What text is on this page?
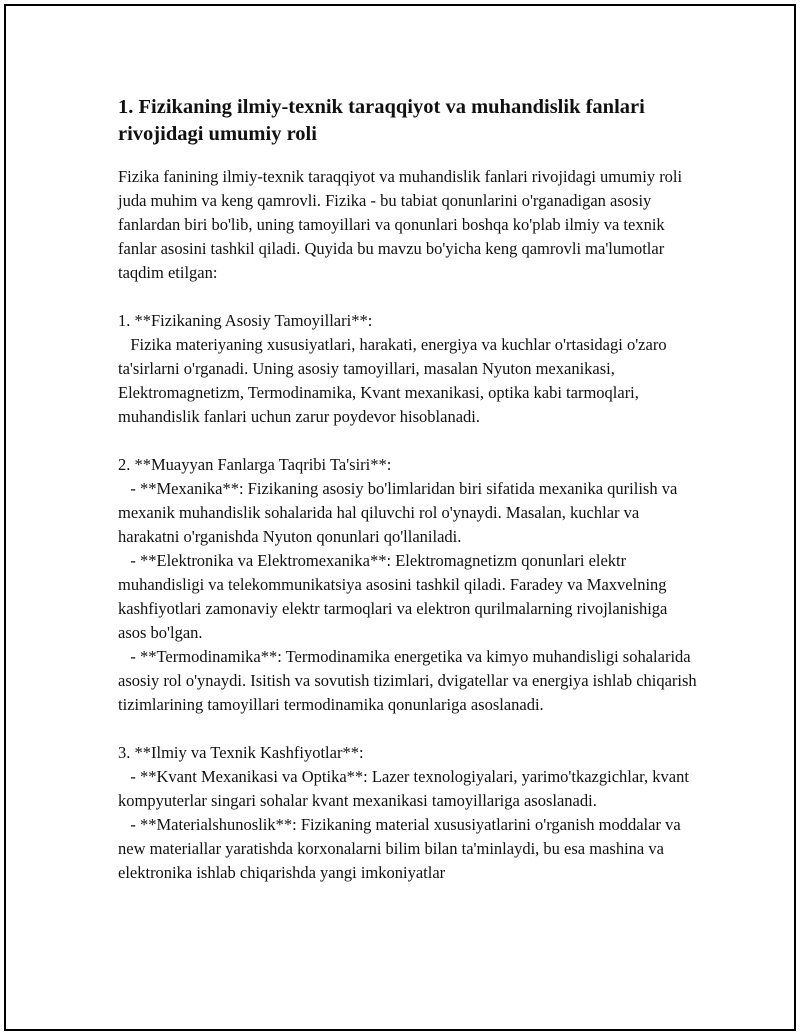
1. Fizikaning ilmiy-texnik taraqqiyot va muhandislik fanlari rivojidagi umumiy roli

Fizika fanining ilmiy-texnik taraqqiyot va muhandislik fanlari rivojidagi umumiy roli juda muhim va keng qamrovli. Fizika - bu tabiat qonunlarini o'rganadigan asosiy fanlardan biri bo'lib, uning tamoyillari va qonunlari boshqa ko'plab ilmiy va texnik fanlar asosini tashkil qiladi. Quyida bu mavzu bo'yicha keng qamrovli ma'lumotlar taqdim etilgan:

1. **Fizikaning Asosiy Tamoyillari**:

Fizika materiyaning xususiyatlari, harakati, energiya va kuchlar o'rtasidagi o'zaro ta'sirlarni o'rganadi. Uning asosiy tamoyillari, masalan Nyuton mexanikasi, Elektromagnetizm, Termodinamika, Kvant mexanikasi, optika kabi tarmoqlari, muhandislik fanlari uchun zarur poydevor hisoblanadi.

2. **Muayyan Fanlarga Taqribi Ta'siri**:

- **Mexanika**: Fizikaning asosiy bo'limlaridan biri sifatida mexanika qurilish va mexanik muhandislik sohalarida hal qiluvchi rol o'ynaydi. Masalan, kuchlar va harakatni o'rganishda Nyuton qonunlari qo'llaniladi.

- **Elektronika va Elektromexanika**: Elektromagnetizm qonunlari elektr muhandisligi va telekommunikatsiya asosini tashkil qiladi. Faradey va Maxvelning kashfiyotlari zamonaviy elektr tarmoqlari va elektron qurilmalarning rivojlanishiga asos bo'lgan.

- **Termodinamika**: Termodinamika energetika va kimyo muhandisligi sohalarida asosiy rol o'ynaydi. Isitish va sovutish tizimlari, dvigatellar va energiya ishlab chiqarish tizimlarining tamoyillari termodinamika qonunlariga asoslanadi.

3. **Ilmiy va Texnik Kashfiyotlar**:

- **Kvant Mexanikasi va Optika**: Lazer texnologiyalari, yarimo'tkazgichlar, kvant kompyuterlar singari sohalar kvant mexanikasi tamoyillariga asoslanadi.

- **Materialshunoslik**: Fizikaning material xususiyatlarini o'rganish moddalar va new materiallar yaratishda korxonalarni bilim bilan ta'minlaydi, bu esa mashina va elektronika ishlab chiqarishda yangi imkoniyatlar
